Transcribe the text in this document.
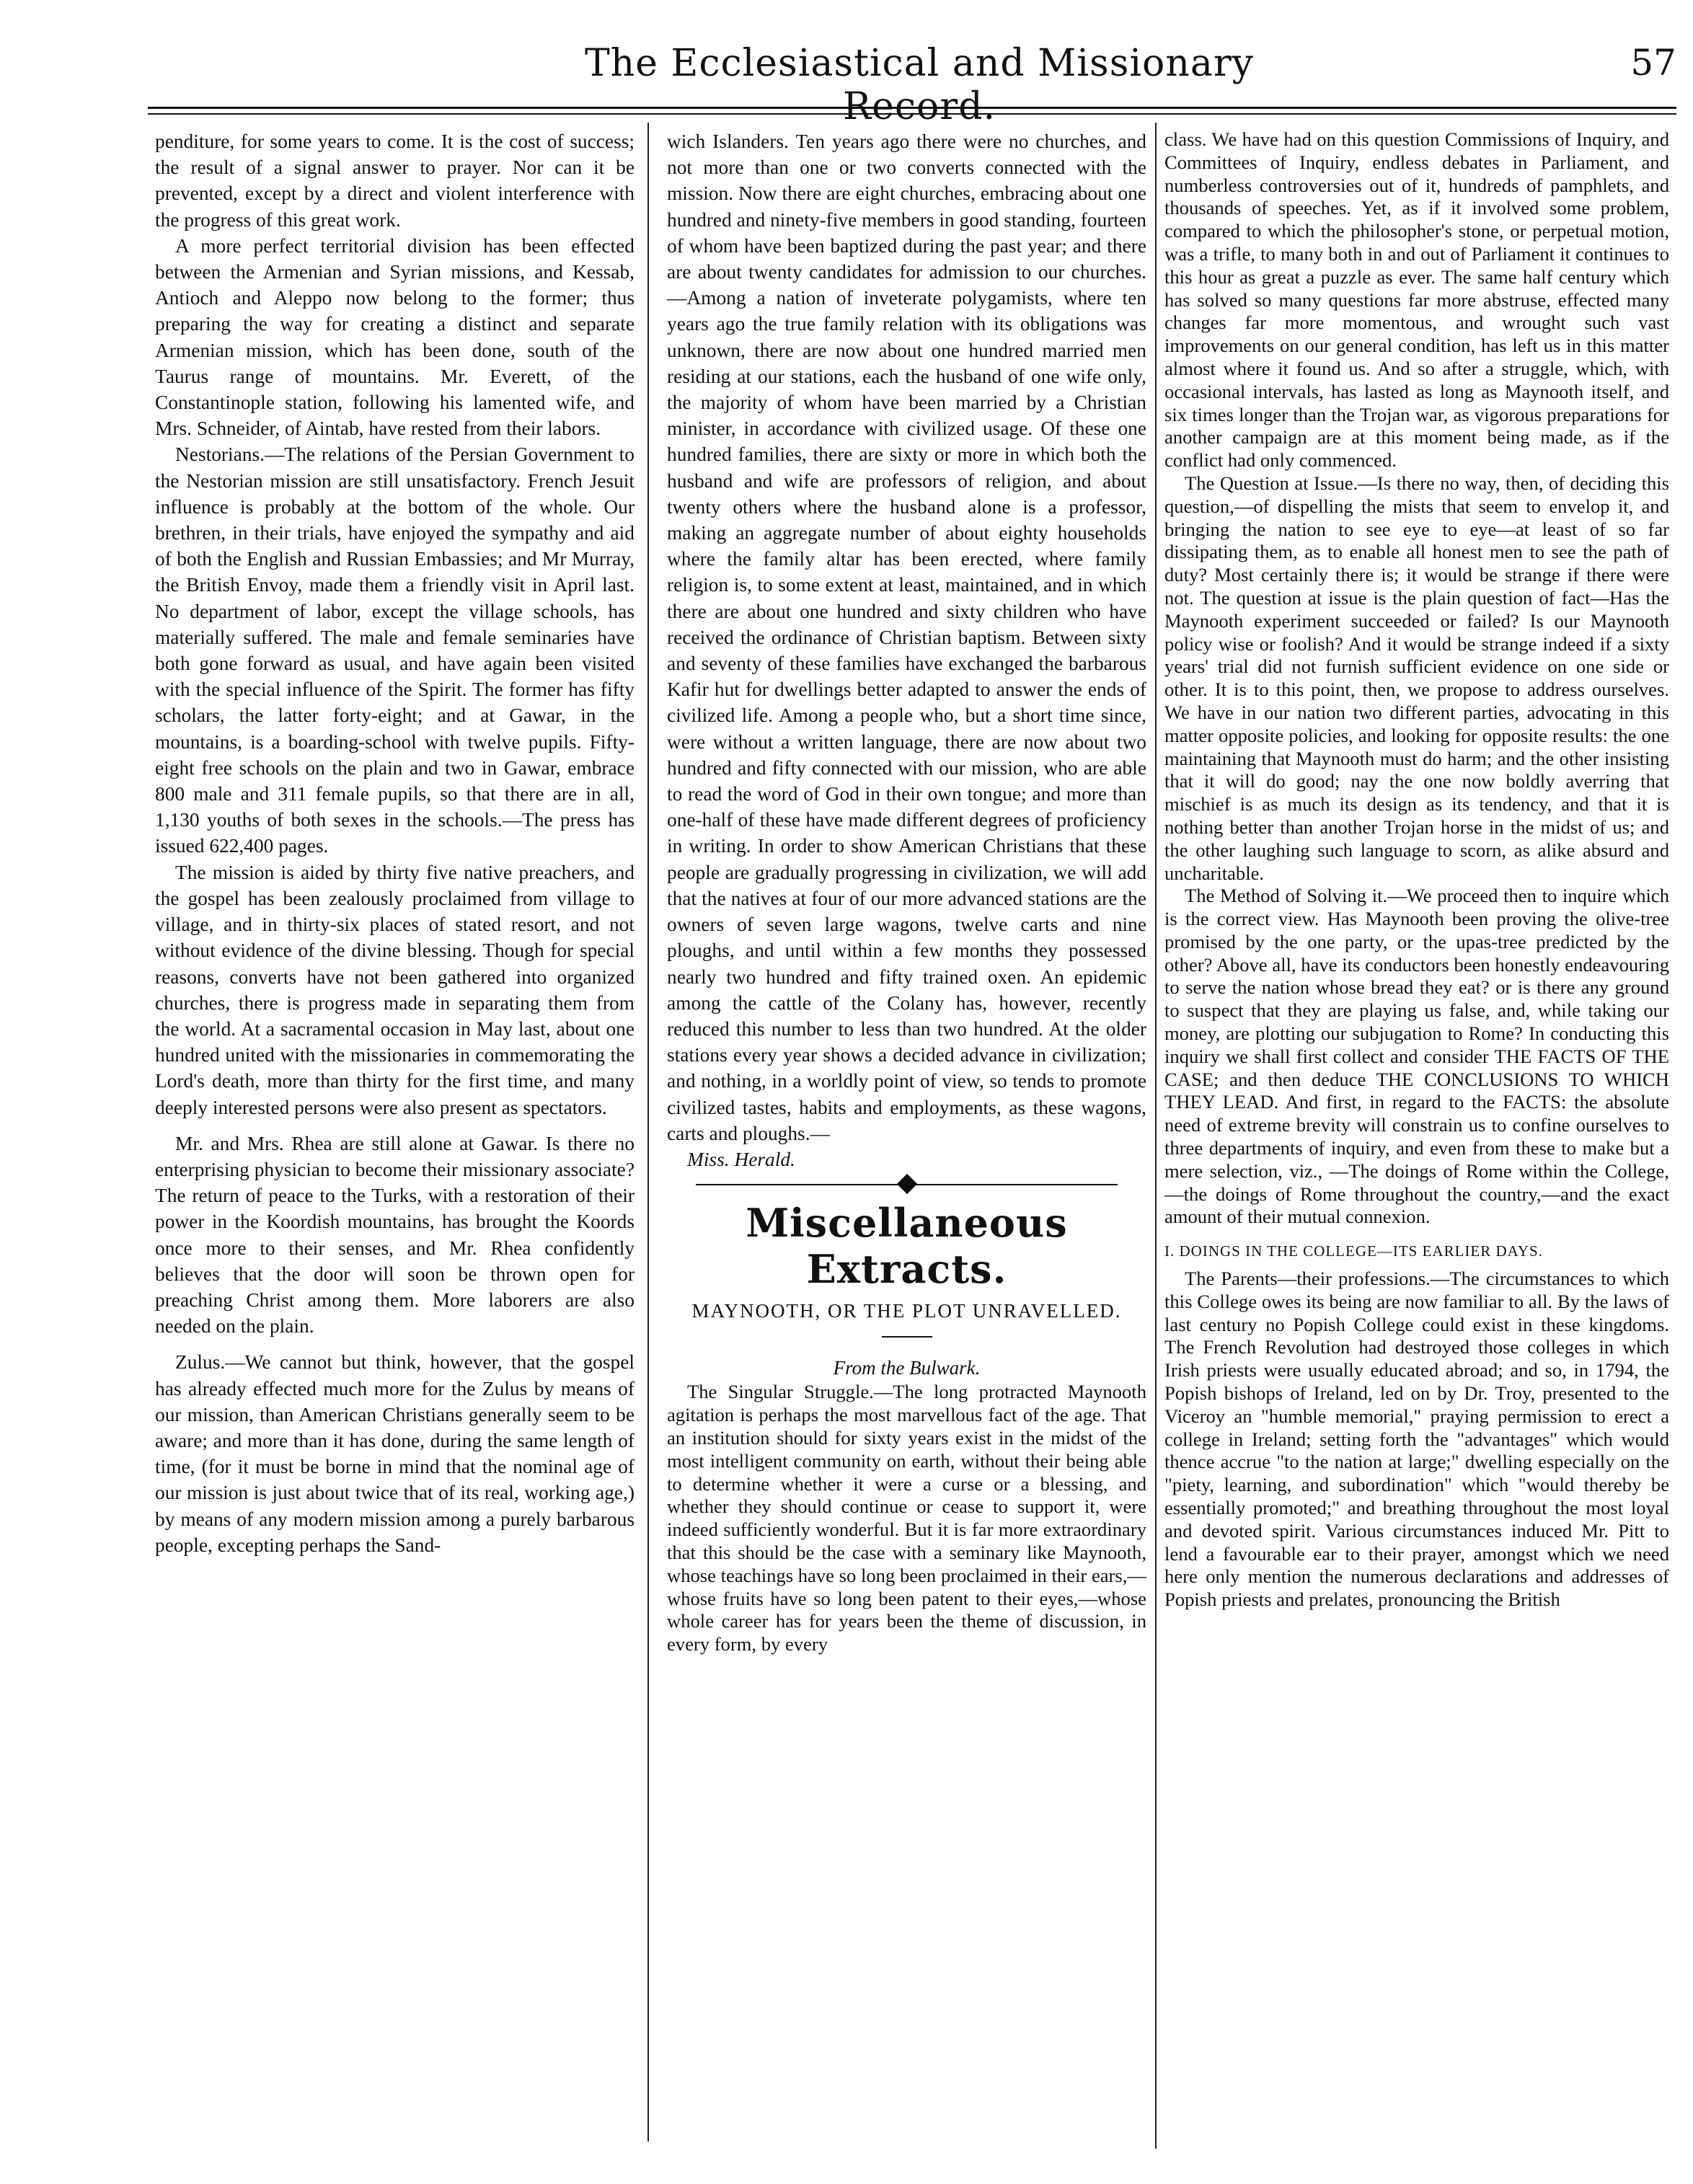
The Ecclesiastical and Missionary Record.
57

penditure, for some years to come. It is the cost of success; the result of a signal answer to prayer. Nor can it be prevented, except by a direct and violent interference with the progress of this great work.

A more perfect territorial division has been effected between the Armenian and Syrian missions, and Kessab, Antioch and Aleppo now belong to the former; thus preparing the way for creating a distinct and separate Armenian mission, which has been done, south of the Taurus range of mountains. Mr. Everett, of the Constantinople station, following his lamented wife, and Mrs. Schneider, of Aintab, have rested from their labors.

Nestorians.—The relations of the Persian Government to the Nestorian mission are still unsatisfactory. French Jesuit influence is probably at the bottom of the whole. Our brethren, in their trials, have enjoyed the sympathy and aid of both the English and Russian Embassies; and Mr Murray, the British Envoy, made them a friendly visit in April last. No department of labor, except the village schools, has materially suffered. The male and female seminaries have both gone forward as usual, and have again been visited with the special influence of the Spirit. The former has fifty scholars, the latter forty-eight; and at Gawar, in the mountains, is a boarding-school with twelve pupils. Fifty-eight free schools on the plain and two in Gawar, embrace 800 male and 311 female pupils, so that there are in all, 1,130 youths of both sexes in the schools.—The press has issued 622,400 pages.

The mission is aided by thirty five native preachers, and the gospel has been zealously proclaimed from village to village, and in thirty-six places of stated resort, and not without evidence of the divine blessing. Though for special reasons, converts have not been gathered into organized churches, there is progress made in separating them from the world. At a sacramental occasion in May last, about one hundred united with the missionaries in commemorating the Lord's death, more than thirty for the first time, and many deeply interested persons were also present as spectators.

Mr. and Mrs. Rhea are still alone at Gawar. Is there no enterprising physician to become their missionary associate? The return of peace to the Turks, with a restoration of their power in the Koordish mountains, has brought the Koords once more to their senses, and Mr. Rhea confidently believes that the door will soon be thrown open for preaching Christ among them. More laborers are also needed on the plain.

Zulus.—We cannot but think, however, that the gospel has already effected much more for the Zulus by means of our mission, than American Christians generally seem to be aware; and more than it has done, during the same length of time, (for it must be borne in mind that the nominal age of our mission is just about twice that of its real, working age,) by means of any modern mission among a purely barbarous people, excepting perhaps the Sand-

wich Islanders. Ten years ago there were no churches, and not more than one or two converts connected with the mission. Now there are eight churches, embracing about one hundred and ninety-five members in good standing, fourteen of whom have been baptized during the past year; and there are about twenty candidates for admission to our churches.—Among a nation of inveterate polygamists, where ten years ago the true family relation with its obligations was unknown, there are now about one hundred married men residing at our stations, each the husband of one wife only, the majority of whom have been married by a Christian minister, in accordance with civilized usage. Of these one hundred families, there are sixty or more in which both the husband and wife are professors of religion, and about twenty others where the husband alone is a professor, making an aggregate number of about eighty households where the family altar has been erected, where family religion is, to some extent at least, maintained, and in which there are about one hundred and sixty children who have received the ordinance of Christian baptism. Between sixty and seventy of these families have exchanged the barbarous Kafir hut for dwellings better adapted to answer the ends of civilized life. Among a people who, but a short time since, were without a written language, there are now about two hundred and fifty connected with our mission, who are able to read the word of God in their own tongue; and more than one-half of these have made different degrees of proficiency in writing. In order to show American Christians that these people are gradually progressing in civilization, we will add that the natives at four of our more advanced stations are the owners of seven large wagons, twelve carts and nine ploughs, and until within a few months they possessed nearly two hundred and fifty trained oxen. An epidemic among the cattle of the Colany has, however, recently reduced this number to less than two hundred. At the older stations every year shows a decided advance in civilization; and nothing, in a worldly point of view, so tends to promote civilized tastes, habits and employments, as these wagons, carts and ploughs.—

Miss. Herald.
Miscellaneous Extracts.
MAYNOOTH, OR THE PLOT UNRAVELLED.
From the Bulwark.

The Singular Struggle.—The long protracted Maynooth agitation is perhaps the most marvellous fact of the age. That an institution should for sixty years exist in the midst of the most intelligent community on earth, without their being able to determine whether it were a curse or a blessing, and whether they should continue or cease to support it, were indeed sufficiently wonderful. But it is far more extraordinary that this should be the case with a seminary like Maynooth, whose teachings have so long been proclaimed in their ears,—whose fruits have so long been patent to their eyes,—whose whole career has for years been the theme of discussion, in every form, by every

class. We have had on this question Commissions of Inquiry, and Committees of Inquiry, endless debates in Parliament, and numberless controversies out of it, hundreds of pamphlets, and thousands of speeches. Yet, as if it involved some problem, compared to which the philosopher's stone, or perpetual motion, was a trifle, to many both in and out of Parliament it continues to this hour as great a puzzle as ever. The same half century which has solved so many questions far more abstruse, effected many changes far more momentous, and wrought such vast improvements on our general condition, has left us in this matter almost where it found us. And so after a struggle, which, with occasional intervals, has lasted as long as Maynooth itself, and six times longer than the Trojan war, as vigorous preparations for another campaign are at this moment being made, as if the conflict had only commenced.

The Question at Issue.—Is there no way, then, of deciding this question,—of dispelling the mists that seem to envelop it, and bringing the nation to see eye to eye—at least of so far dissipating them, as to enable all honest men to see the path of duty? Most certainly there is; it would be strange if there were not. The question at issue is the plain question of fact—Has the Maynooth experiment succeeded or failed? Is our Maynooth policy wise or foolish? And it would be strange indeed if a sixty years' trial did not furnish sufficient evidence on one side or other. It is to this point, then, we propose to address ourselves. We have in our nation two different parties, advocating in this matter opposite policies, and looking for opposite results: the one maintaining that Maynooth must do harm; and the other insisting that it will do good; nay the one now boldly averring that mischief is as much its design as its tendency, and that it is nothing better than another Trojan horse in the midst of us; and the other laughing such language to scorn, as alike absurd and uncharitable.

The Method of Solving it.—We proceed then to inquire which is the correct view. Has Maynooth been proving the olive-tree promised by the one party, or the upas-tree predicted by the other? Above all, have its conductors been honestly endeavouring to serve the nation whose bread they eat? or is there any ground to suspect that they are playing us false, and, while taking our money, are plotting our subjugation to Rome? In conducting this inquiry we shall first collect and consider THE FACTS OF THE CASE; and then deduce THE CONCLUSIONS TO WHICH THEY LEAD. And first, in regard to the FACTS: the absolute need of extreme brevity will constrain us to confine ourselves to three departments of inquiry, and even from these to make but a mere selection, viz., —The doings of Rome within the College,—the doings of Rome throughout the country,—and the exact amount of their mutual connexion.

I. DOINGS IN THE COLLEGE—ITS EARLIER DAYS.

The Parents—their professions.—The circumstances to which this College owes its being are now familiar to all. By the laws of last century no Popish College could exist in these kingdoms. The French Revolution had destroyed those colleges in which Irish priests were usually educated abroad; and so, in 1794, the Popish bishops of Ireland, led on by Dr. Troy, presented to the Viceroy an "humble memorial," praying permission to erect a college in Ireland; setting forth the "advantages" which would thence accrue "to the nation at large;" dwelling especially on the "piety, learning, and subordination" which "would thereby be essentially promoted;" and breathing throughout the most loyal and devoted spirit. Various circumstances induced Mr. Pitt to lend a favourable ear to their prayer, amongst which we need here only mention the numerous declarations and addresses of Popish priests and prelates, pronouncing the British
